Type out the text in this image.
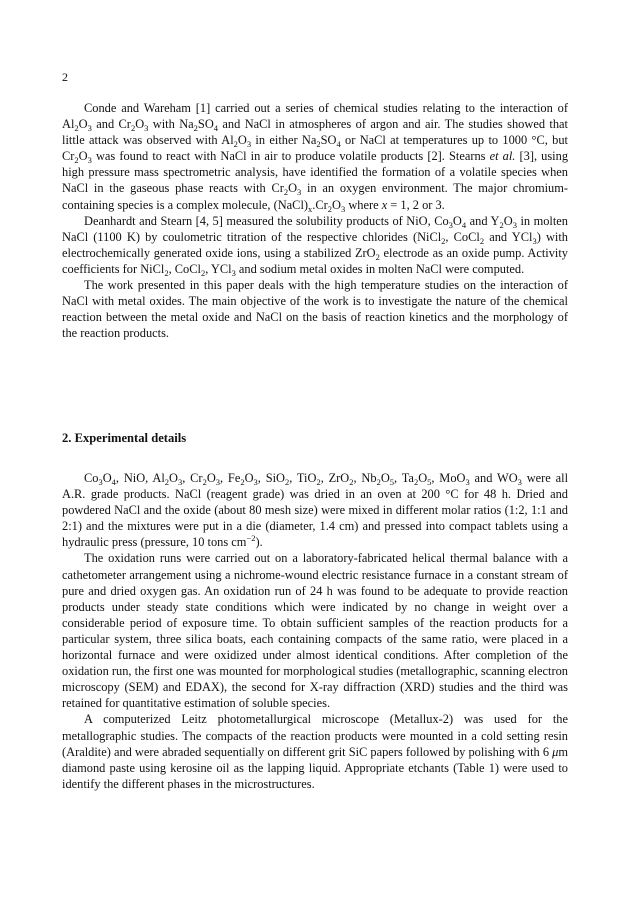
2

Conde and Wareham [1] carried out a series of chemical studies relating to the interaction of $Al_2O_3$ and $Cr_2O_3$ with $Na_2SO_4$ and NaCl in atmospheres of argon and air. The studies showed that little attack was observed with $Al_2O_3$ in either $Na_2SO_4$ or NaCl at temperatures up to 1000 °C, but $Cr_2O_3$ was found to react with NaCl in air to produce volatile products [2]. Stearns et al. [3], using high pressure mass spectrometric analysis, have identified the formation of a volatile species when NaCl in the gaseous phase reacts with $Cr_2O_3$ in an oxygen environment. The major chromium-containing species is a complex molecule, $(NaCl)_x.Cr_2O_3$ where x = 1, 2 or 3.

Deanhardt and Stearn [4, 5] measured the solubility products of NiO, $Co_3O_4$ and $Y_2O_3$ in molten NaCl (1100 K) by coulometric titration of the respective chlorides (NiCl$_2$, CoCl$_2$ and YCl$_3$) with electrochemically generated oxide ions, using a stabilized ZrO$_2$ electrode as an oxide pump. Activity coefficients for NiCl$_2$, CoCl$_2$, YCl$_3$ and sodium metal oxides in molten NaCl were computed.

The work presented in this paper deals with the high temperature studies on the interaction of NaCl with metal oxides. The main objective of the work is to investigate the nature of the chemical reaction between the metal oxide and NaCl on the basis of reaction kinetics and the morphology of the reaction products.

2. Experimental details

$Co_3O_4$, NiO, $Al_2O_3$, $Cr_2O_3$, $Fe_2O_3$, SiO$_2$, TiO$_2$, ZrO$_2$, $Nb_2O_5$, $Ta_2O_5$, MoO$_3$ and $WO_3$ were all A.R. grade products. NaCl (reagent grade) was dried in an oven at 200 °C for 48 h. Dried and powdered NaCl and the oxide (about 80 mesh size) were mixed in different molar ratios (1:2, 1:1 and 2:1) and the mixtures were put in a die (diameter, 1.4 cm) and pressed into compact tablets using a hydraulic press (pressure, 10 tons $cm^{-2}$).

The oxidation runs were carried out on a laboratory-fabricated helical thermal balance with a cathetometer arrangement using a nichrome-wound electric resistance furnace in a constant stream of pure and dried oxygen gas. An oxidation run of 24 h was found to be adequate to provide reaction products under steady state conditions which were indicated by no change in weight over a considerable period of exposure time. To obtain sufficient samples of the reaction products for a particular system, three silica boats, each containing compacts of the same ratio, were placed in a horizontal furnace and were oxidized under almost identical conditions. After completion of the oxidation run, the first one was mounted for morphological studies (metallographic, scanning electron microscopy (SEM) and EDAX), the second for X-ray diffraction (XRD) studies and the third was retained for quantitative estimation of soluble species.

A computerized Leitz photometallurgical microscope (Metallux-2) was used for the metallographic studies. The compacts of the reaction products were mounted in a cold setting resin (Araldite) and were abraded sequentially on different grit SiC papers followed by polishing with 6 μm diamond paste using kerosine oil as the lapping liquid. Appropriate etchants (Table 1) were used to identify the different phases in the microstructures.
